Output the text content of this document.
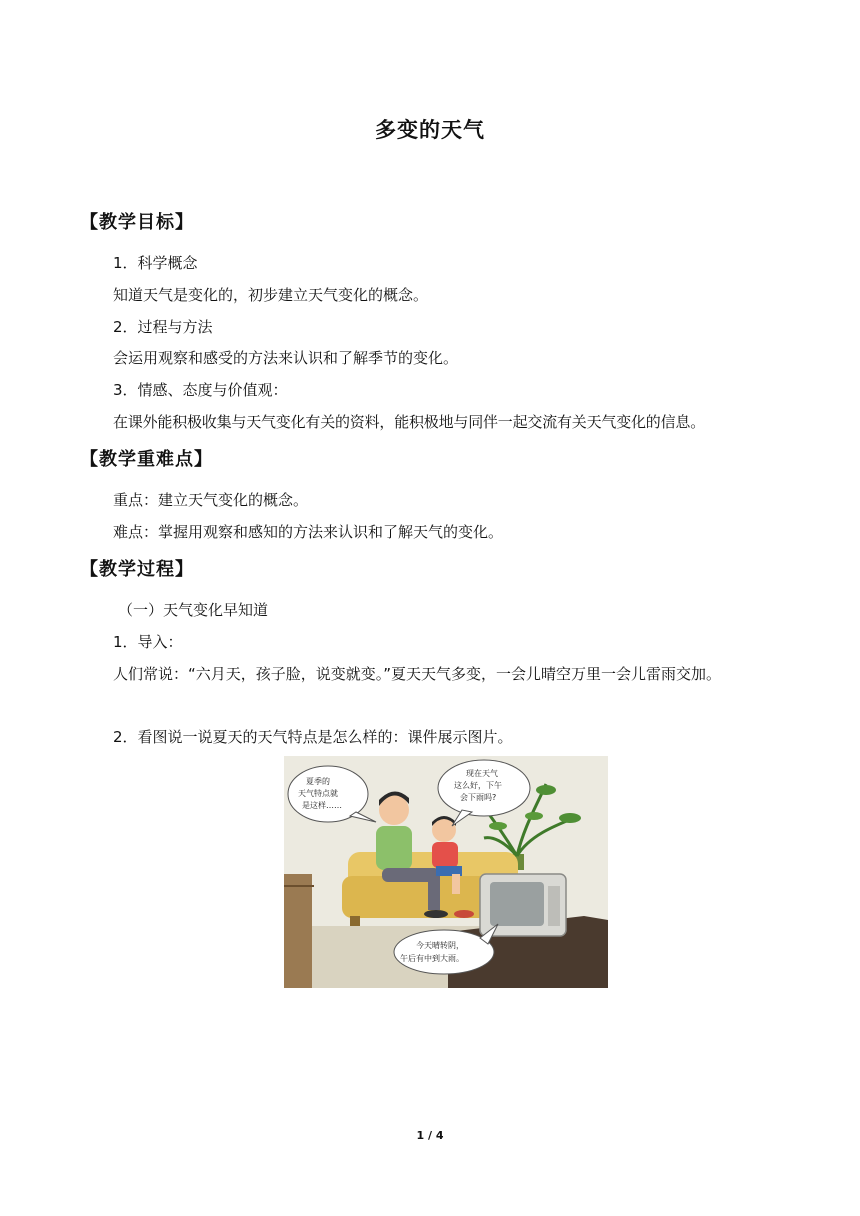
多变的天气
【教学目标】
1．科学概念
知道天气是变化的，初步建立天气变化的概念。
2．过程与方法
会运用观察和感受的方法来认识和了解季节的变化。
3．情感、态度与价值观：
在课外能积极收集与天气变化有关的资料，能积极地与同伴一起交流有关天气变化的信息。
【教学重难点】
重点：建立天气变化的概念。
难点：掌握用观察和感知的方法来认识和了解天气的变化。
【教学过程】
（一）天气变化早知道
1．导入：
人们常说：“六月天，孩子脸，说变就变。”夏天天气多变，一会儿晴空万里一会儿雷雨交加。
2．看图说一说夏天的天气特点是怎么样的：课件展示图片。
夏季的
天气特点就
是这样……
现在天气
这么好，下午
会下雨吗?
今天晴转阴，
午后有中到大雨。
1 / 4
